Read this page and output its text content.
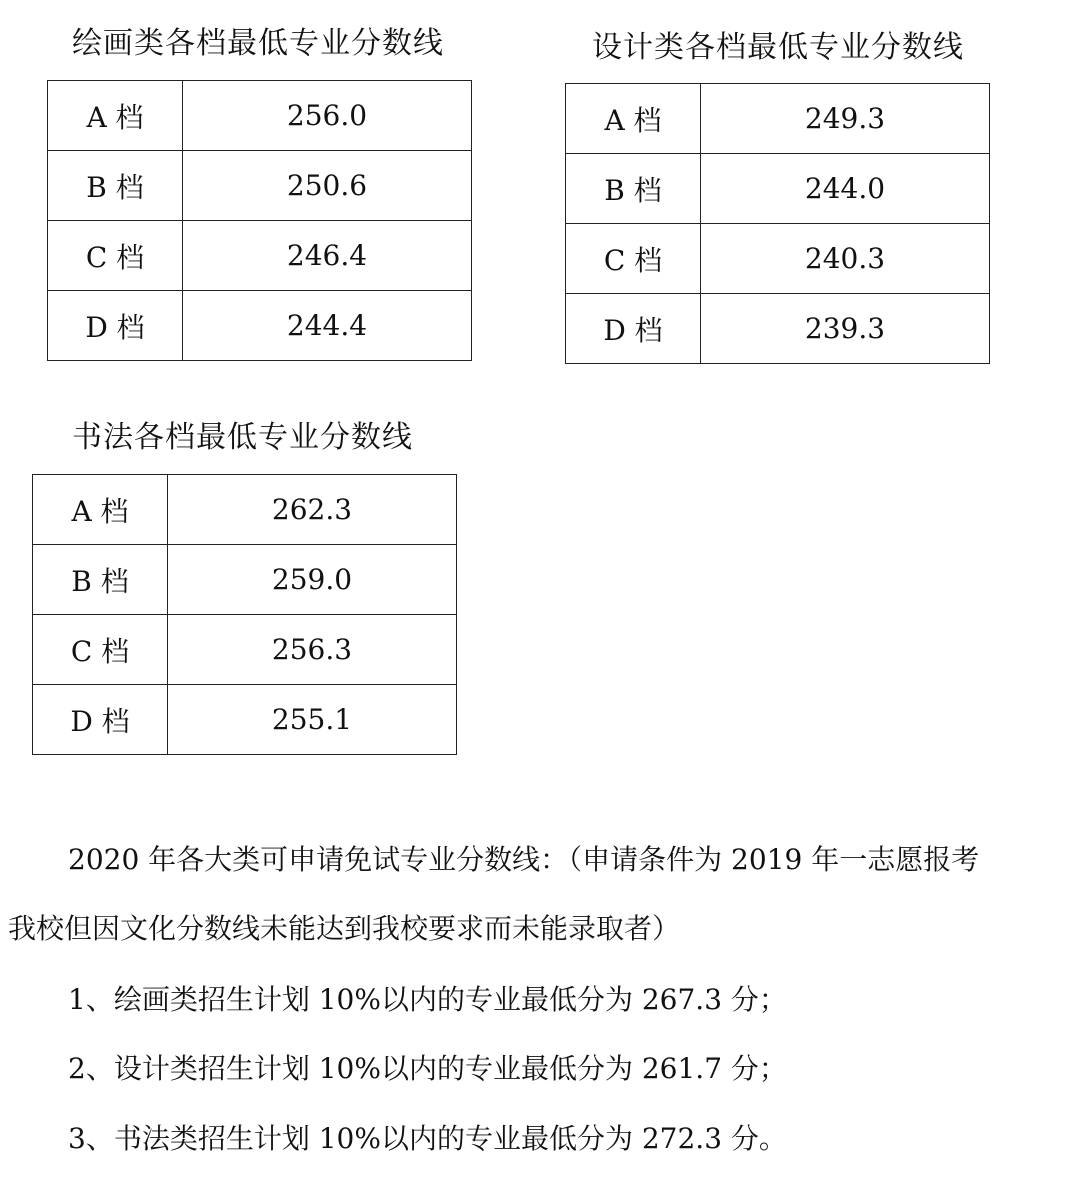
绘画类各档最低专业分数线
A 档	256.0
B 档	250.6
C 档	246.4
D 档	244.4
设计类各档最低专业分数线
A 档	249.3
B 档	244.0
C 档	240.3
D 档	239.3
书法各档最低专业分数线
A 档	262.3
B 档	259.0
C 档	256.3
D 档	255.1
2020 年各大类可申请免试专业分数线：（申请条件为 2019 年一志愿报考
我校但因文化分数线未能达到我校要求而未能录取者）
1、绘画类招生计划 10%以内的专业最低分为 267.3 分；
2、设计类招生计划 10%以内的专业最低分为 261.7 分；
3、书法类招生计划 10%以内的专业最低分为 272.3 分。
